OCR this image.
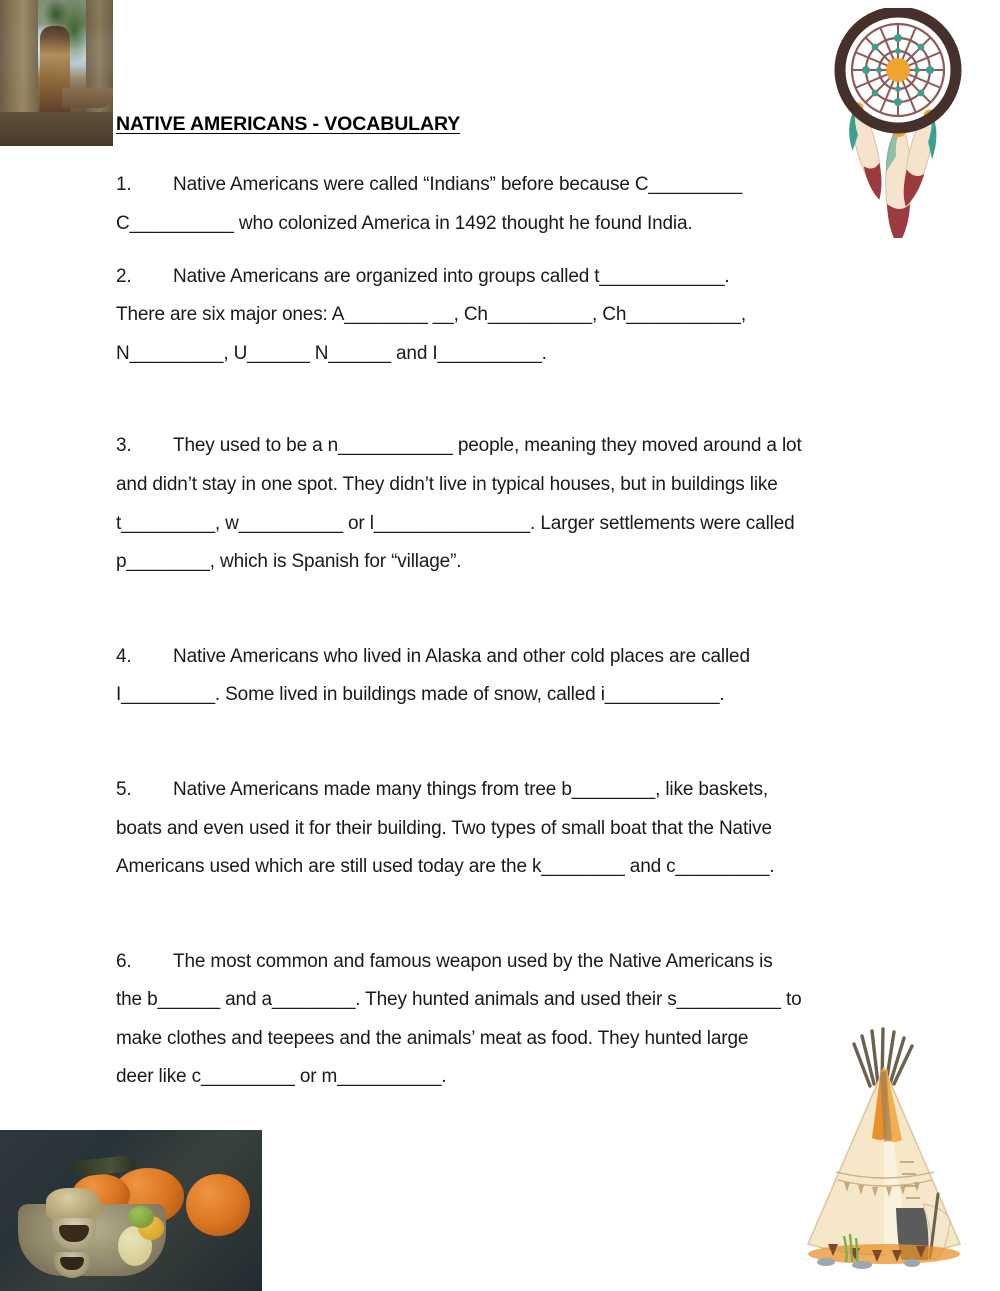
NATIVE AMERICANS - VOCABULARY
1. Native Americans were called “Indians” before because C_________
C__________ who colonized America in 1492 thought he found India.
2. Native Americans are organized into groups called t____________.
There are six major ones: A________ __, Ch__________, Ch___________,
N_________, U______ N______ and I__________.
3. They used to be a n___________ people, meaning they moved around a lot
and didn’t stay in one spot. They didn’t live in typical houses, but in buildings like
t_________, w__________ or l_______________. Larger settlements were called
p________, which is Spanish for “village”.
4. Native Americans who lived in Alaska and other cold places are called
I_________. Some lived in buildings made of snow, called i___________.
5. Native Americans made many things from tree b________, like baskets,
boats and even used it for their building. Two types of small boat that the Native
Americans used which are still used today are the k________ and c_________.
6. The most common and famous weapon used by the Native Americans is
the b______ and a________. They hunted animals and used their s__________ to
make clothes and teepees and the animals’ meat as food. They hunted large
deer like c_________ or m__________.
